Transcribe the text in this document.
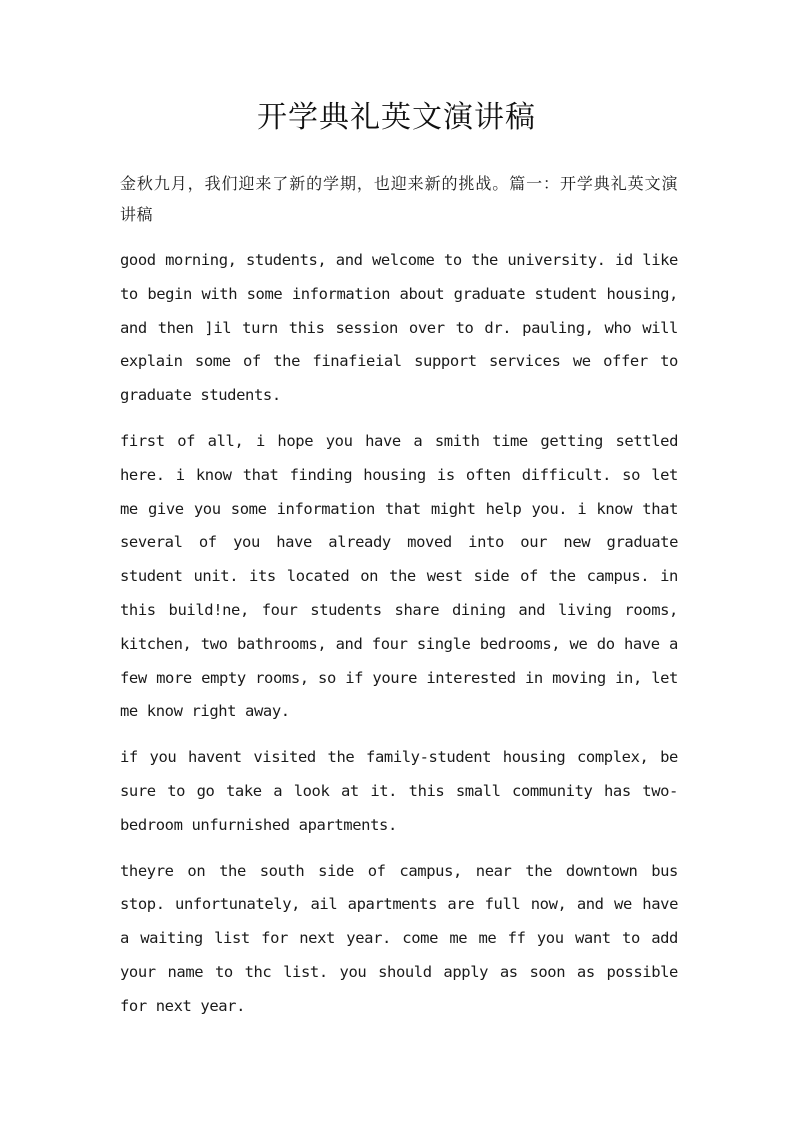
开学典礼英文演讲稿

金秋九月，我们迎来了新的学期，也迎来新的挑战。篇一：开学典礼英文演讲稿

good morning, students, and welcome to the university. id like to begin with some information about graduate student housing, and then ]il turn this session over to dr. pauling, who will explain some of the finafieial support services we offer to graduate students.

first of all, i hope you have a smith time getting settled here. i know that finding housing is often difficult. so let me give you some information that might help you. i know that several of you have already moved into our new graduate student unit. its located on the west side of the campus. in this build!ne, four students share dining and living rooms, kitchen, two bathrooms, and four single bedrooms, we do have a few more empty rooms, so if youre interested in moving in, let me know right away.

if you havent visited the family-student housing complex, be sure to go take a look at it. this small community has two-bedroom unfurnished apartments.

theyre on the south side of campus, near the downtown bus stop. unfortunately, ail apartments are full now, and we have a waiting list for next year. come me me ff you want to add your name to thc list. you should apply as soon as possible for next year.
